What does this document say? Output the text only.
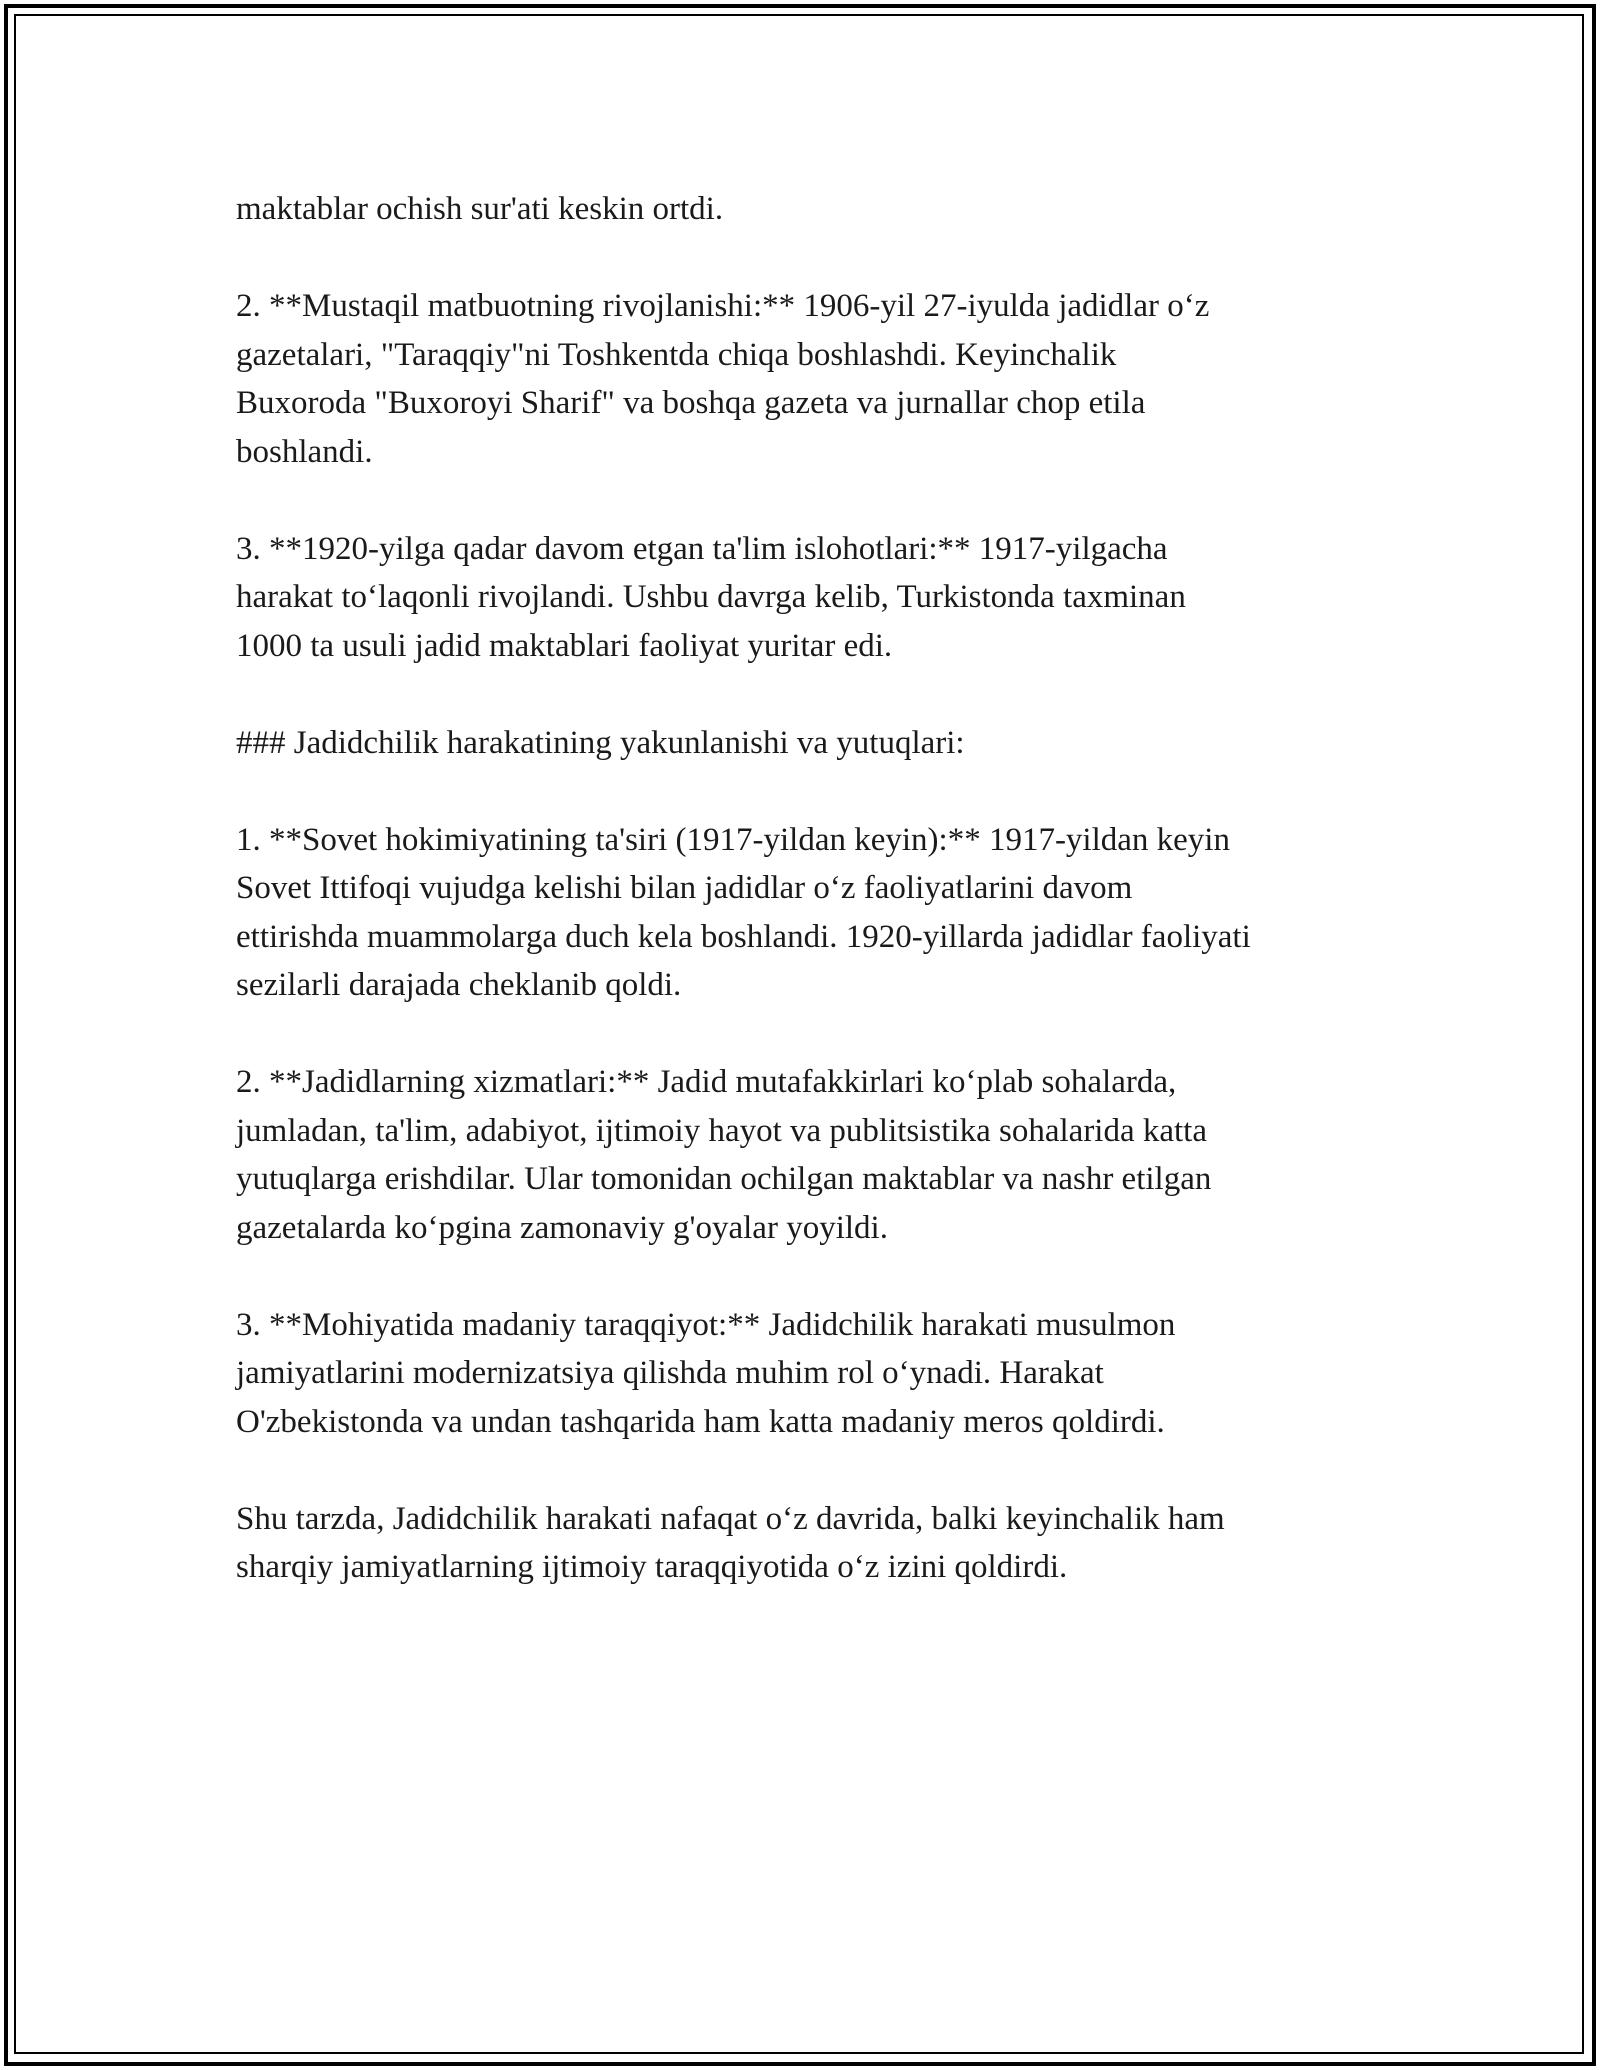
maktablar ochish sur'ati keskin ortdi.
2. **Mustaqil matbuotning rivojlanishi:** 1906-yil 27-iyulda jadidlar o‘z
gazetalari, "Taraqqiy"ni Toshkentda chiqa boshlashdi. Keyinchalik
Buxoroda "Buxoroyi Sharif" va boshqa gazeta va jurnallar chop etila
boshlandi.
3. **1920-yilga qadar davom etgan ta'lim islohotlari:** 1917-yilgacha
harakat to‘laqonli rivojlandi. Ushbu davrga kelib, Turkistonda taxminan
1000 ta usuli jadid maktablari faoliyat yuritar edi.
### Jadidchilik harakatining yakunlanishi va yutuqlari:
1. **Sovet hokimiyatining ta'siri (1917-yildan keyin):** 1917-yildan keyin
Sovet Ittifoqi vujudga kelishi bilan jadidlar o‘z faoliyatlarini davom
ettirishda muammolarga duch kela boshlandi. 1920-yillarda jadidlar faoliyati
sezilarli darajada cheklanib qoldi.
2. **Jadidlarning xizmatlari:** Jadid mutafakkirlari ko‘plab sohalarda,
jumladan, ta'lim, adabiyot, ijtimoiy hayot va publitsistika sohalarida katta
yutuqlarga erishdilar. Ular tomonidan ochilgan maktablar va nashr etilgan
gazetalarda ko‘pgina zamonaviy g'oyalar yoyildi.
3. **Mohiyatida madaniy taraqqiyot:** Jadidchilik harakati musulmon
jamiyatlarini modernizatsiya qilishda muhim rol o‘ynadi. Harakat
O'zbekistonda va undan tashqarida ham katta madaniy meros qoldirdi.
Shu tarzda, Jadidchilik harakati nafaqat o‘z davrida, balki keyinchalik ham
sharqiy jamiyatlarning ijtimoiy taraqqiyotida o‘z izini qoldirdi.
